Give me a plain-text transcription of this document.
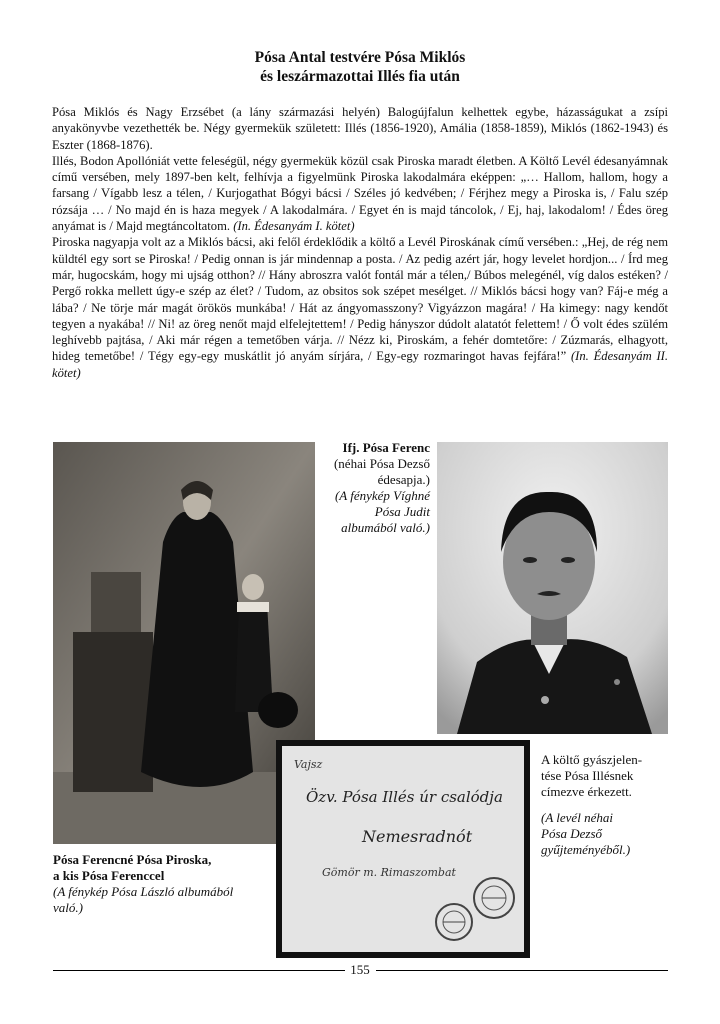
Pósa Antal testvére Pósa Miklós
és leszármazottai Illés fia után

Pósa Miklós és Nagy Erzsébet (a lány származási helyén) Balogújfalun kelhettek egybe, házasságukat a zsípi anyakönyvbe vezethették be. Négy gyermekük született: Illés (1856-1920), Amália (1858-1859), Miklós (1862-1943) és Eszter (1868-1876).

Illés, Bodon Apollóniát vette feleségül, négy gyermekük közül csak Piroska maradt életben. A Költő Levél édesanyámnak című versében, mely 1897-ben kelt, felhívja a figyelmünk Piroska lakodalmára eképpen: „… Hallom, hallom, hogy a farsang / Vígabb lesz a télen, / Kurjogathat Bógyi bácsi / Széles jó kedvében; / Férjhez megy a Piroska is, / Falu szép rózsája … / No majd én is haza megyek / A lakodalmára. / Egyet én is majd táncolok, / Ej, haj, lakodalom! / Édes öreg anyámat is / Majd megtáncoltatom. (In. Édesanyám I. kötet)

Piroska nagyapja volt az a Miklós bácsi, aki felől érdeklődik a költő a Levél Piroskának című versében.: „Hej, de rég nem küldtél egy sort se Piroska! / Pedig onnan is jár mindennap a posta. / Az pedig azért jár, hogy levelet hordjon... / Írd meg már, hugocskám, hogy mi ujság otthon? // Hány abroszra valót fontál már a télen,/ Búbos melegénél, víg dalos estéken? / Pergő rokka mellett úgy-e szép az élet? / Tudom, az obsitos sok szépet mesélget. // Miklós bácsi hogy van? Fáj-e még a lába? / Ne törje már magát örökös munkába! / Hát az ángyomasszony? Vigyázzon magára! / Ha kimegy: nagy kendőt tegyen a nyakába! // Ni! az öreg nenőt majd elfelejtettem! / Pedig hányszor dúdolt alatatót felettem! / Ő volt édes szülém leghívebb pajtása, / Aki már régen a temetőben várja. // Nézz ki, Piroskám, a fehér domtetőre: / Zúzmarás, elhagyott, hideg temetőbe! / Tégy egy-egy muskátlit jó anyám sírjára, / Egy-egy rozmaringot havas fejfára!” (In. Édesanyám II. kötet)

Ifj. Pósa Ferenc
(néhai Pósa Dezső
édesapja.)
(A fénykép Víghné
Pósa Judit
albumából való.)
Vajsz
Özv. Pósa Illés úr csalódja
Nemesradnót
Gömör m. Rimaszombat
A költő gyászjelen-
tése Pósa Illésnek
címezve érkezett.
(A levél néhai
Pósa Dezső
gyűjteményéből.)
Pósa Ferencné Pósa Piroska,
a kis Pósa Ferenccel
(A fénykép Pósa László albumából
való.)
155
